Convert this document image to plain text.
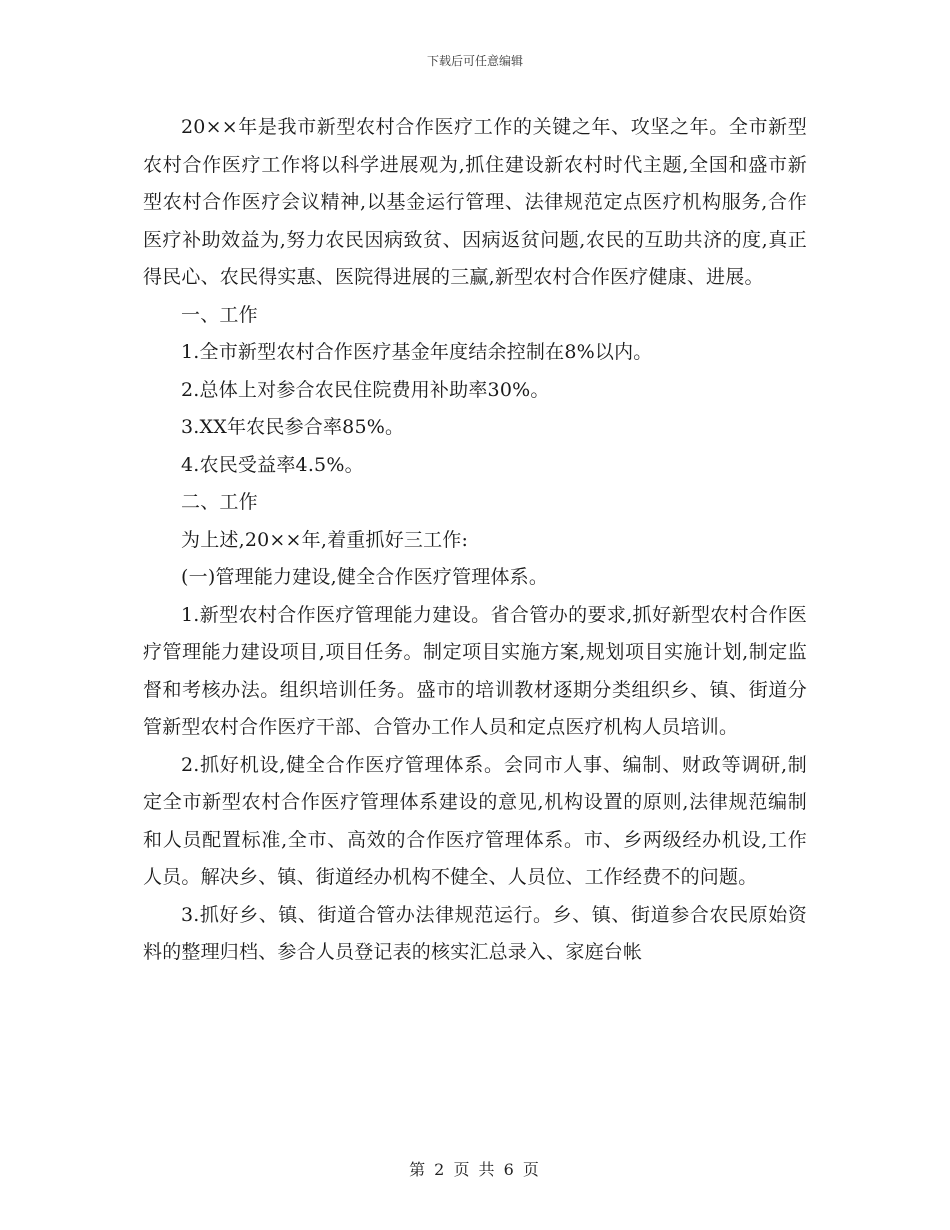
下载后可任意编辑

20××年是我市新型农村合作医疗工作的关键之年、攻坚之年。全市新型农村合作医疗工作将以科学进展观为,抓住建设新农村时代主题,全国和盛市新型农村合作医疗会议精神,以基金运行管理、法律规范定点医疗机构服务,合作医疗补助效益为,努力农民因病致贫、因病返贫问题,农民的互助共济的度,真正得民心、农民得实惠、医院得进展的三赢,新型农村合作医疗健康、进展。

一、工作

1.全市新型农村合作医疗基金年度结余控制在8%以内。

2.总体上对参合农民住院费用补助率30%。

3.XX年农民参合率85%。

4.农民受益率4.5%。

二、工作

为上述,20××年,着重抓好三工作:

(一)管理能力建设,健全合作医疗管理体系。

1.新型农村合作医疗管理能力建设。省合管办的要求,抓好新型农村合作医疗管理能力建设项目,项目任务。制定项目实施方案,规划项目实施计划,制定监督和考核办法。组织培训任务。盛市的培训教材逐期分类组织乡、镇、街道分管新型农村合作医疗干部、合管办工作人员和定点医疗机构人员培训。

2.抓好机设,健全合作医疗管理体系。会同市人事、编制、财政等调研,制定全市新型农村合作医疗管理体系建设的意见,机构设置的原则,法律规范编制和人员配置标准,全市、高效的合作医疗管理体系。市、乡两级经办机设,工作人员。解决乡、镇、街道经办机构不健全、人员位、工作经费不的问题。

3.抓好乡、镇、街道合管办法律规范运行。乡、镇、街道参合农民原始资料的整理归档、参合人员登记表的核实汇总录入、家庭台帐

第 2 页 共 6 页
